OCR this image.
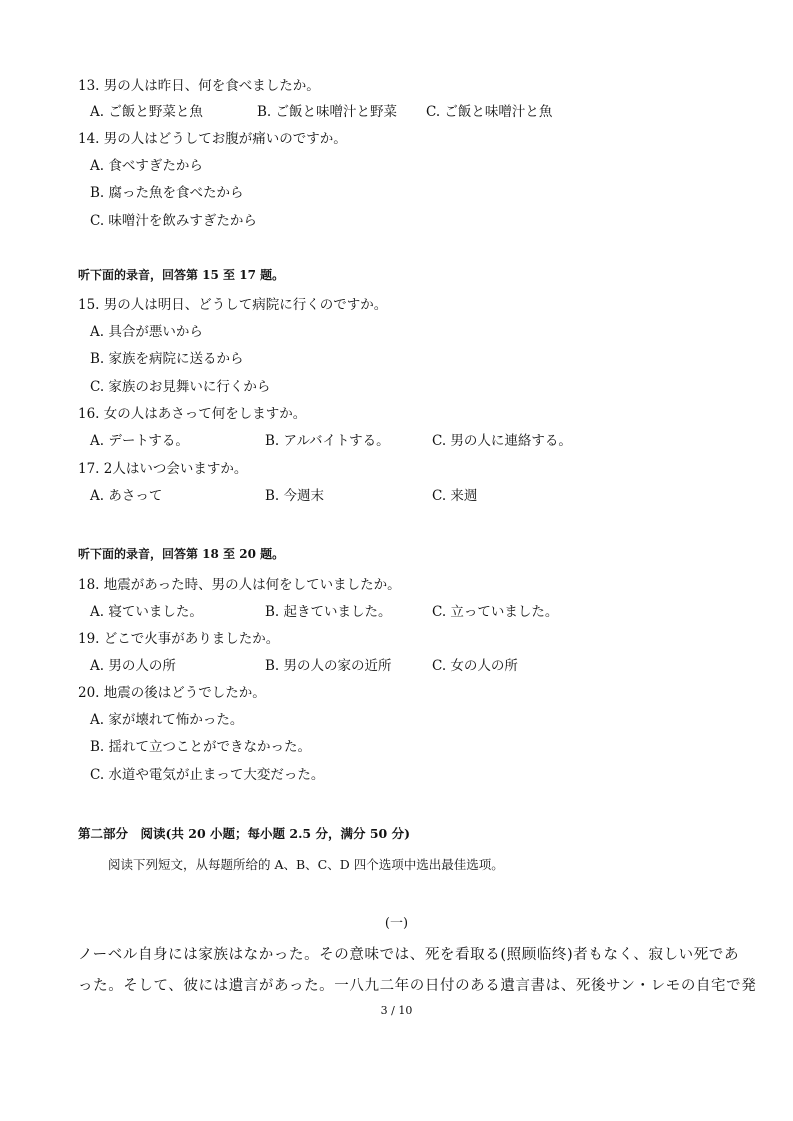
13. 男の人は昨日、何を食べましたか。
A. ご飯と野菜と魚	B. ご飯と味噌汁と野菜 C. ご飯と味噌汁と魚
14. 男の人はどうしてお腹が痛いのですか。
A. 食べすぎたから
B. 腐った魚を食べたから
C. 味噌汁を飲みすぎたから
听下面的录音，回答第 15 至 17 题。
15. 男の人は明日、どうして病院に行くのですか。
A. 具合が悪いから
B. 家族を病院に送るから
C. 家族のお見舞いに行くから
16. 女の人はあさって何をしますか。
A. デートする。	B. アルバイトする。	C. 男の人に連絡する。
17. 2人はいつ会いますか。
A. あさって	B. 今週末	C. 来週
听下面的录音，回答第 18 至 20 题。
18. 地震があった時、男の人は何をしていましたか。
A. 寝ていました。	B. 起きていました。	C. 立っていました。
19. どこで火事がありましたか。
A. 男の人の所	B. 男の人の家の近所	C. 女の人の所
20. 地震の後はどうでしたか。
A. 家が壊れて怖かった。
B. 揺れて立つことができなかった。
C. 水道や電気が止まって大変だった。
第二部分　阅读(共 20 小题；每小题 2.5 分，满分 50 分)
阅读下列短文，从每题所给的 A、B、C、D 四个选项中选出最佳选项。
(一)
ノーベル自身には家族はなかった。その意味では、死を看取る(照顾临终)者もなく、寂しい死であ
った。そして、彼には遺言があった。一八九二年の日付のある遺言書は、死後サン・レモの自宅で発
3 / 10
